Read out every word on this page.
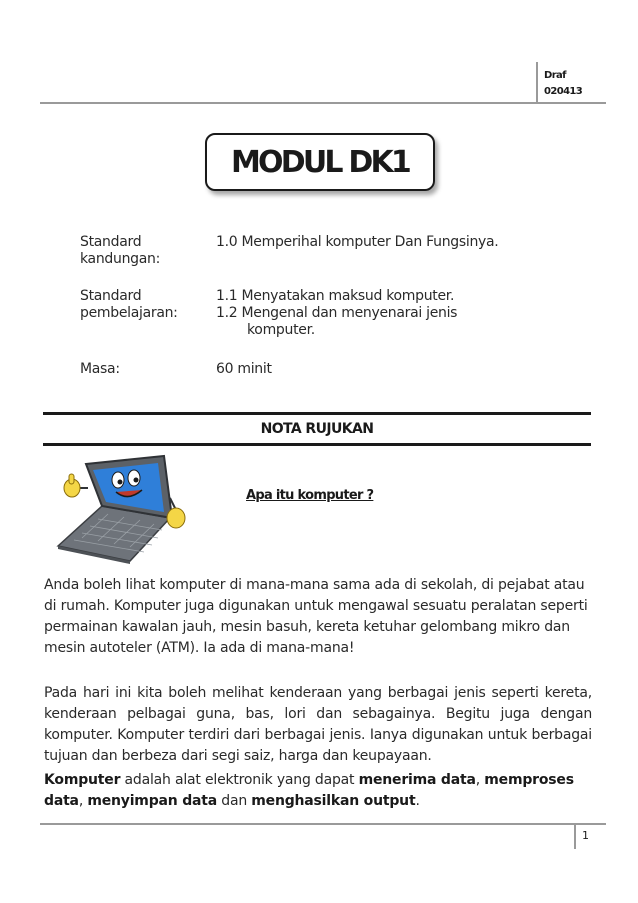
Draf
020413
MODUL DK1
Standard
kandungan:
1.0 Memperihal komputer Dan Fungsinya.
Standard
pembelajaran:
1.1 Menyatakan maksud komputer.
1.2 Mengenal dan menyenarai jenis
komputer.
Masa:	60 minit
NOTA RUJUKAN
Apa itu komputer ?
Anda boleh lihat komputer di mana-mana sama ada di sekolah, di pejabat atau di rumah. Komputer juga digunakan untuk mengawal sesuatu peralatan seperti permainan kawalan jauh, mesin basuh, kereta ketuhar gelombang mikro dan mesin autoteler (ATM). Ia ada di mana-mana!
Pada hari ini kita boleh melihat kenderaan yang berbagai jenis seperti kereta, kenderaan pelbagai guna, bas, lori dan sebagainya. Begitu juga dengan komputer. Komputer terdiri dari berbagai jenis. Ianya digunakan untuk berbagai tujuan dan berbeza dari segi saiz, harga dan keupayaan.
Komputer adalah alat elektronik yang dapat menerima data, memproses data, menyimpan data dan menghasilkan output.
1
